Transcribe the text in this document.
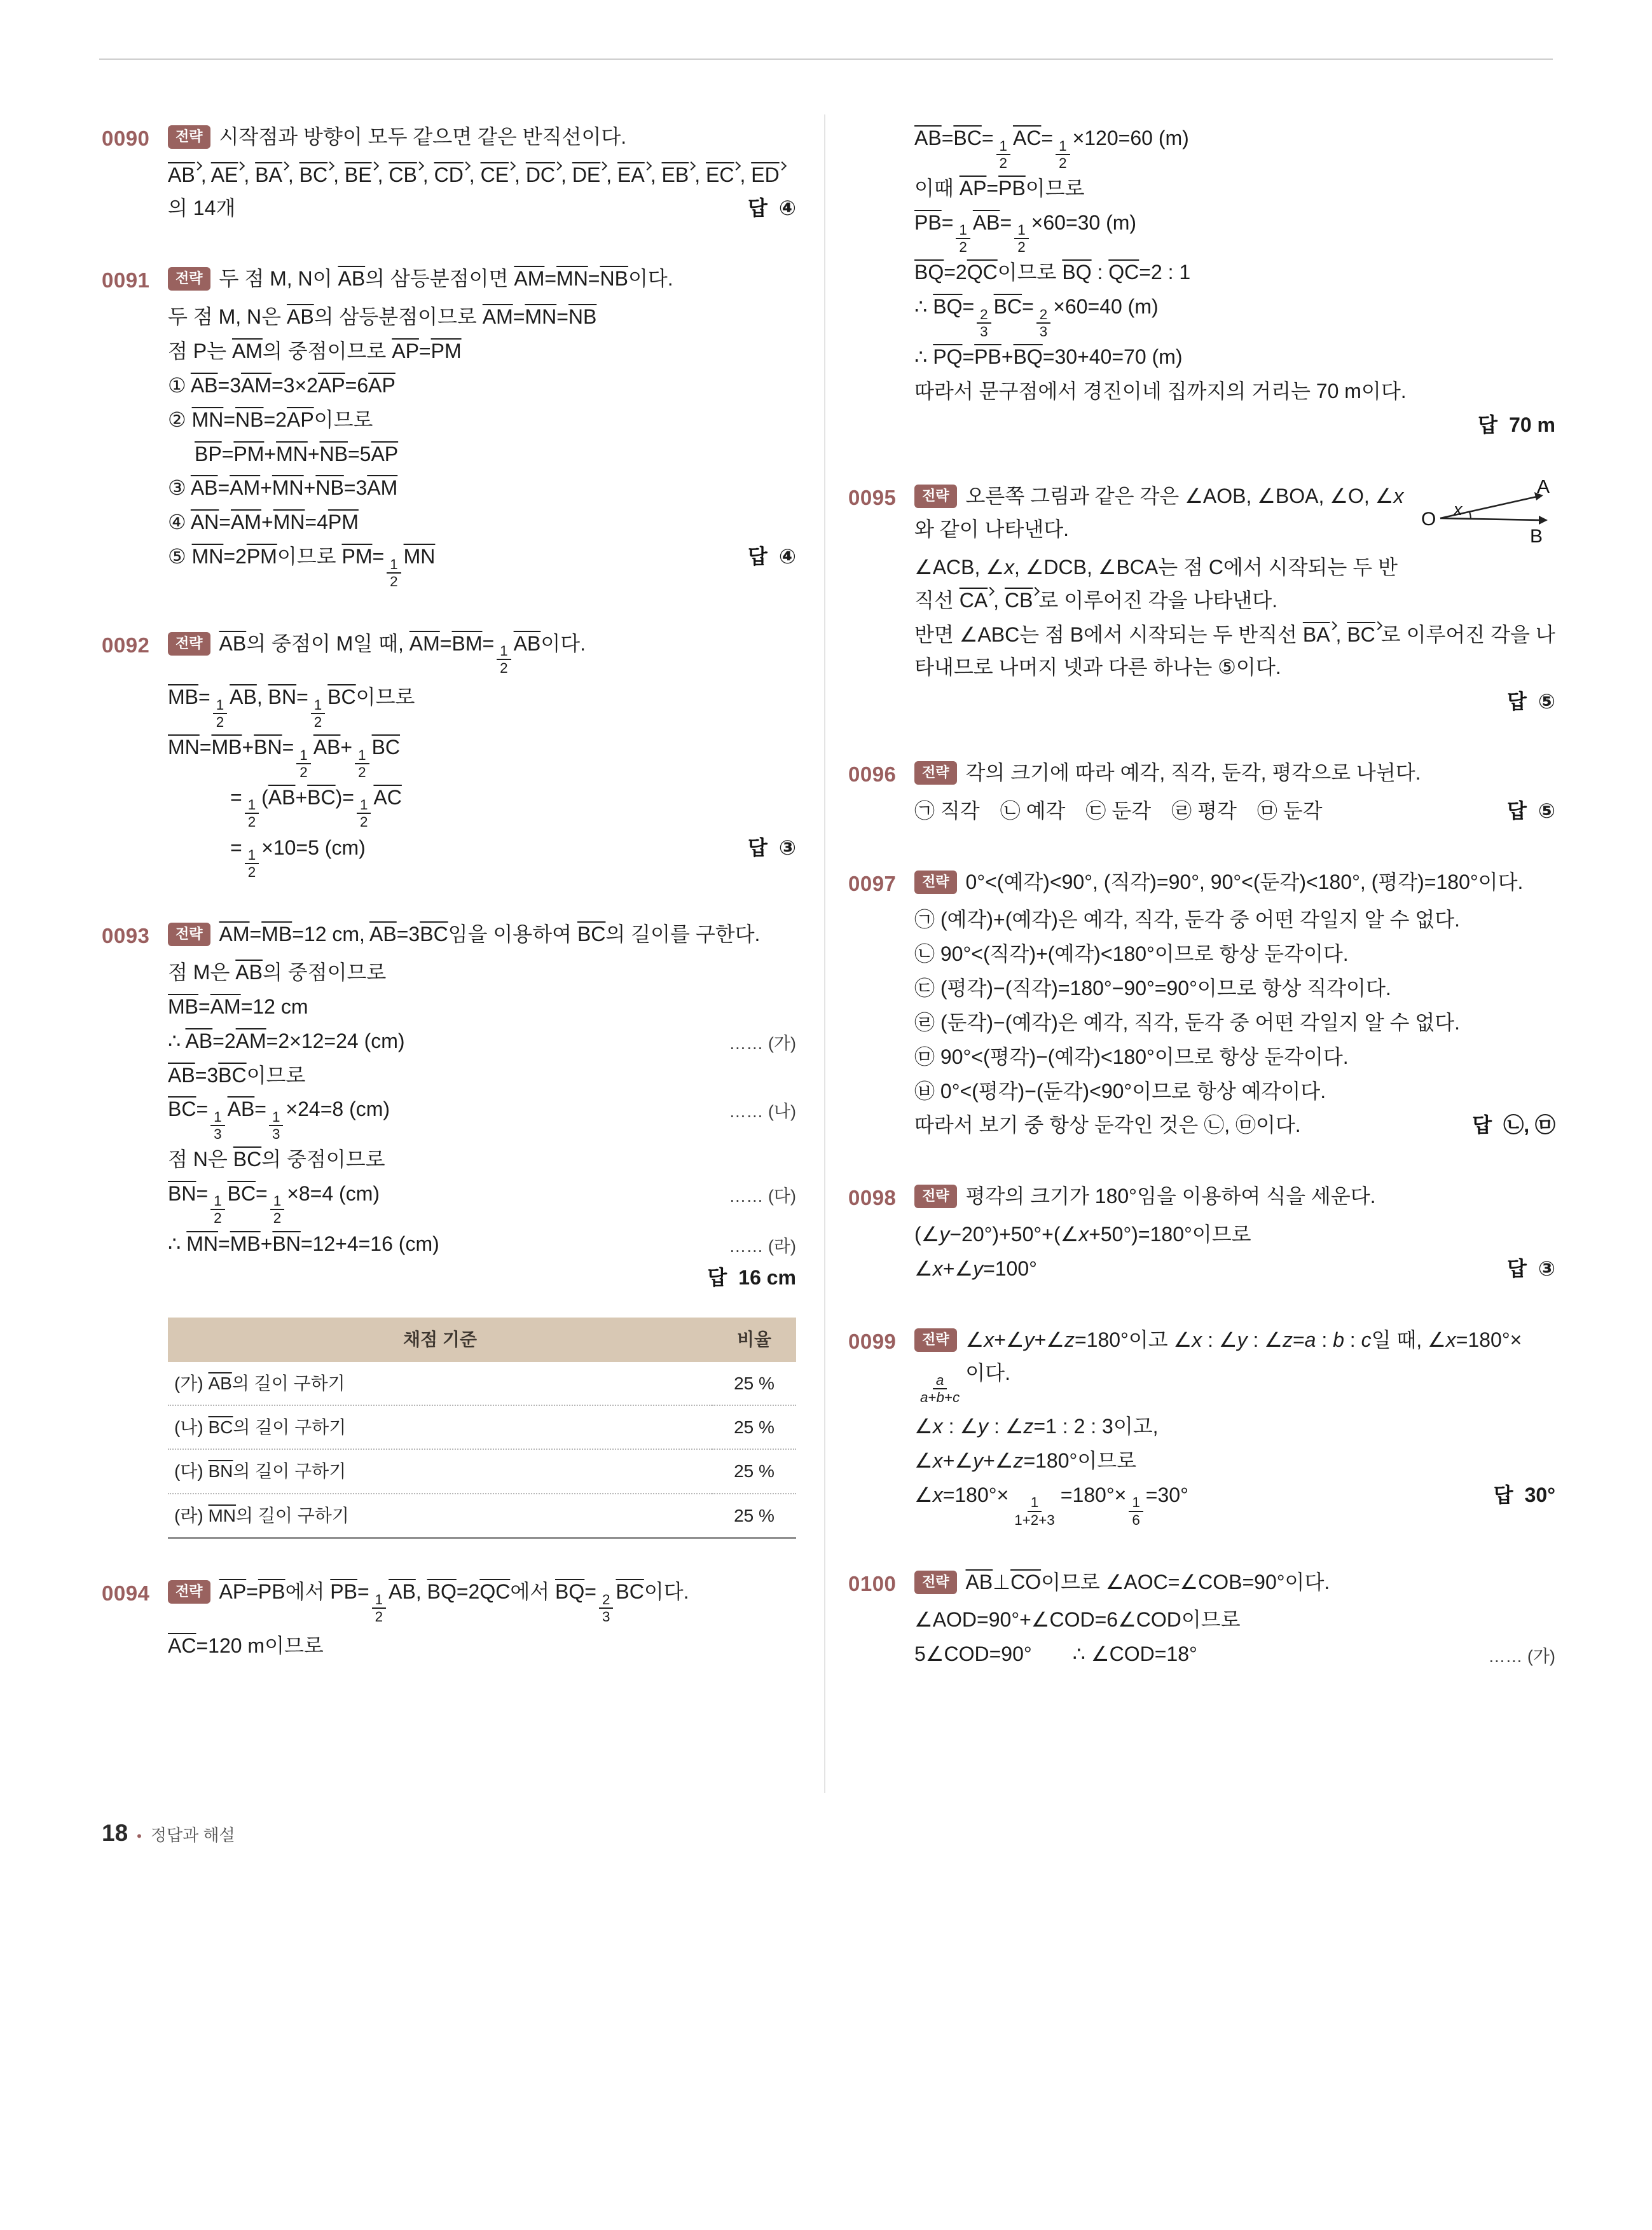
0090	전략 시작점과 방향이 모두 같으면 같은 반직선이다.
$\overline{AB}$ , $\overline{AE}$ , $\overline{BA}$ , $\overline{BC}$ , $\overline{BE}$ , $\overline{CB}$ , $\overline{CD}$ , $\overline{CE}$ , $\overline{DC}$ , $\overline{DE}$ , $\overline{EA}$ , $\overline{EB}$ , $\overline{EC}$ , $\overline{ED}$의 14개	답 ④
0091	전략 두 점 M, N이 $\overline{AB}$의 삼등분점이면 $\overline{AM}=\overline{MN}=\overline{NB}$이다.
두 점 M, N은 $\overline{AB}$의 삼등분점이므로 $\overline{AM}=\overline{MN}=\overline{NB}$
점 P는 $\overline{AM}$의 중점이므로 $\overline{AP}=\overline{PM}$
① $\overline{AB}=3\overline{AM}=3\times 2\overline{AP}=6\overline{AP}$
② $\overline{MN}=\overline{NB}=2\overline{AP}$이므로
$\overline{BP}=\overline{PM}+\overline{MN}+\overline{NB}=5\overline{AP}$
③ $\overline{AB}=\overline{AM}+\overline{MN}+\overline{NB}=3\overline{AM}$
④ $\overline{AN}=\overline{AM}+\overline{MN}=4\overline{PM}$
⑤ $\overline{MN}=2\overline{PM}$이므로 $\overline{PM}= \frac{1}{2} \overline{MN}$	답 ④
0092	전략 $\overline{AB}$의 중점이 M일 때, $\overline{AM}=\overline{BM}= \frac{1}{2} \overline{AB}$이다.
$\overline{MB}= \frac{1}{2} \overline{AB}$, $\overline{BN}= \frac{1}{2} \overline{BC}$이므로
$\overline{MN}=\overline{MB}+\overline{BN}= \frac{1}{2} \overline{AB}+ \frac{1}{2} \overline{BC}$
= $\frac{1}{2} (\overline{AB}+\overline{BC})= \frac{1}{2} \overline{AC}$
= $\frac{1}{2} \times 10=5$ (cm)	답 ③
0093	전략 $\overline{AM}=\overline{MB}=12$ cm, $\overline{AB}=3\overline{BC}$임을 이용하여 $\overline{BC}$의 길이를 구한다.
점 M은 $\overline{AB}$의 중점이므로
$\overline{MB}=\overline{AM}=12$ cm
∴ $\overline{AB}=2\overline{AM}=2\times 12=24$ (cm)	…… (가)
$\overline{AB}=3\overline{BC}$이므로
$\overline{BC}= \frac{1}{3} \overline{AB}= \frac{1}{3} \times 24=8$ (cm)	…… (나)
점 N은 $\overline{BC}$의 중점이므로
$\overline{BN}= \frac{1}{2} \overline{BC}= \frac{1}{2} \times 8=4$ (cm)	…… (다)
∴ $\overline{MN}=\overline{MB}+\overline{BN}=12+4=16$ (cm)	…… (라)
답 16 cm
채점 기준	비율
(가) $\overline{AB}$의 길이 구하기	25 %
(나) $\overline{BC}$의 길이 구하기	25 %
(다) $\overline{BN}$의 길이 구하기	25 %
(라) $\overline{MN}$의 길이 구하기	25 %
0094	전략 $\overline{AP}=\overline{PB}$에서 $\overline{PB}= \frac{1}{2} \overline{AB}$, $\overline{BQ}=2\overline{QC}$에서 $\overline{BQ}= \frac{2}{3} \overline{BC}$이다.
$\overline{AC}=120$ m이므로
$\overline{AB}=\overline{BC}= \frac{1}{2} \overline{AC}= \frac{1}{2} \times 120=60$ (m)
이때 $\overline{AP}=\overline{PB}$이므로
$\overline{PB}= \frac{1}{2} \overline{AB}= \frac{1}{2} \times 60=30$ (m)
$\overline{BQ}=2\overline{QC}$이므로 $\overline{BQ}$ : $\overline{QC}=2$ : 1
∴ $\overline{BQ}= \frac{2}{3} \overline{BC}= \frac{2}{3} \times 60=40$ (m)
∴ $\overline{PQ}=\overline{PB}+\overline{BQ}=30+40=70$ (m)
따라서 문구점에서 경진이네 집까지의 거리는 70 m이다.
답 70 m
0095
O
A
B
x
전략 오른쪽 그림과 같은 각은 ∠AOB, ∠BOA, ∠O, ∠x와 같이 나타낸다.
∠ACB, ∠x, ∠DCB, ∠BCA는 점 C에서 시작되는 두 반직선 $\overline{CA}$ , $\overline{CB}$ 로 이루어진 각을 나타낸다.
반면 ∠ABC는 점 B에서 시작되는 두 반직선 $\overline{BA}$ , $\overline{BC}$ 로 이루어진 각을 나타내므로 나머지 넷과 다른 하나는 ⑤이다.
답 ⑤
0096	전략 각의 크기에 따라 예각, 직각, 둔각, 평각으로 나뉜다.
㉠ 직각 ㉡ 예각 ㉢ 둔각 ㉣ 평각 ㉤ 둔각	답 ⑤
0097	전략 0°<(예각)<90°, (직각)=90°, 90°<(둔각)<180°, (평각)=180°이다.
㉠ (예각)+(예각)은 예각, 직각, 둔각 중 어떤 각일지 알 수 없다.
㉡ 90°<(직각)+(예각)<180°이므로 항상 둔각이다.
㉢ (평각)−(직각)=180°−90°=90°이므로 항상 직각이다.
㉣ (둔각)−(예각)은 예각, 직각, 둔각 중 어떤 각일지 알 수 없다.
㉤ 90°<(평각)−(예각)<180°이므로 항상 둔각이다.
㉥ 0°<(평각)−(둔각)<90°이므로 항상 예각이다.
따라서 보기 중 항상 둔각인 것은 ㉡, ㉤이다.	답 ㉡, ㉤
0098	전략 평각의 크기가 180°임을 이용하여 식을 세운다.
(∠y−20°)+50°+(∠x+50°)=180°이므로
∠x+∠y=100°	답 ③
0099	전략 ∠x+∠y+∠z=180°이고 ∠x : ∠y : ∠z=a : b : c일 때, ∠x=180°×
$\frac{a}{a+b+c}$ 이다.
∠x : ∠y : ∠z=1 : 2 : 3이고,
∠x+∠y+∠z=180°이므로
∠x=180°× $\frac{1}{1+2+3} =180^\circ\times \frac{1}{6} =30^\circ$	답 30°
0100	전략 $\overline{AB}\perp\overline{CO}$이므로 ∠AOC=∠COB=90°이다.
∠AOD=90°+∠COD=6∠COD이므로
5∠COD=90°  ∴ ∠COD=18°	…… (가)
18 • 정답과 해설
